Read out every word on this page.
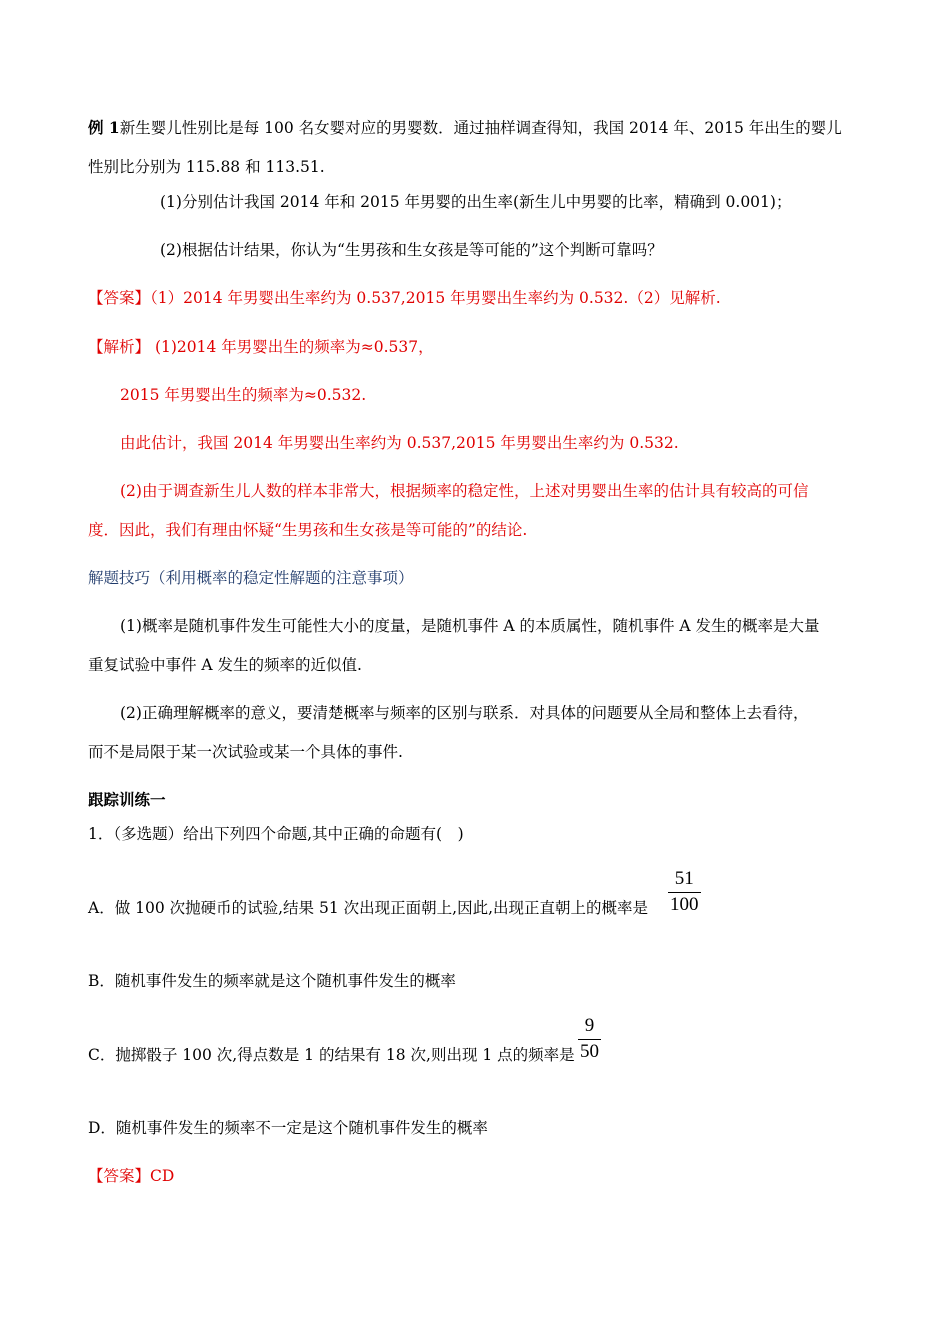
例 1新生婴儿性别比是每 100 名女婴对应的男婴数．通过抽样调查得知，我国 2014 年、2015 年出生的婴儿
性别比分别为 115.88 和 113.51.
(1)分别估计我国 2014 年和 2015 年男婴的出生率(新生儿中男婴的比率，精确到 0.001)；
(2)根据估计结果，你认为“生男孩和生女孩是等可能的”这个判断可靠吗？
【答案】（1）2014 年男婴出生率约为 0.537,2015 年男婴出生率约为 0.532.（2）见解析.
【解析】 (1)2014 年男婴出生的频率为≈0.537，
2015 年男婴出生的频率为≈0.532.
由此估计，我国 2014 年男婴出生率约为 0.537,2015 年男婴出生率约为 0.532.
(2)由于调查新生儿人数的样本非常大，根据频率的稳定性，上述对男婴出生率的估计具有较高的可信
度．因此，我们有理由怀疑“生男孩和生女孩是等可能的”的结论.
解题技巧（利用概率的稳定性解题的注意事项）
(1)概率是随机事件发生可能性大小的度量，是随机事件 A 的本质属性，随机事件 A 发生的概率是大量
重复试验中事件 A 发生的频率的近似值.
(2)正确理解概率的意义，要清楚概率与频率的区别与联系．对具体的问题要从全局和整体上去看待，
而不是局限于某一次试验或某一个具体的事件.
跟踪训练一
1．（多选题）给出下列四个命题,其中正确的命题有(　)
A．做 100 次抛硬币的试验,结果 51 次出现正面朝上,因此,出现正直朝上的概率是
51
100
B．随机事件发生的频率就是这个随机事件发生的概率
C．抛掷骰子 100 次,得点数是 1 的结果有 18 次,则出现 1 点的频率是
9
50
D．随机事件发生的频率不一定是这个随机事件发生的概率
【答案】CD
